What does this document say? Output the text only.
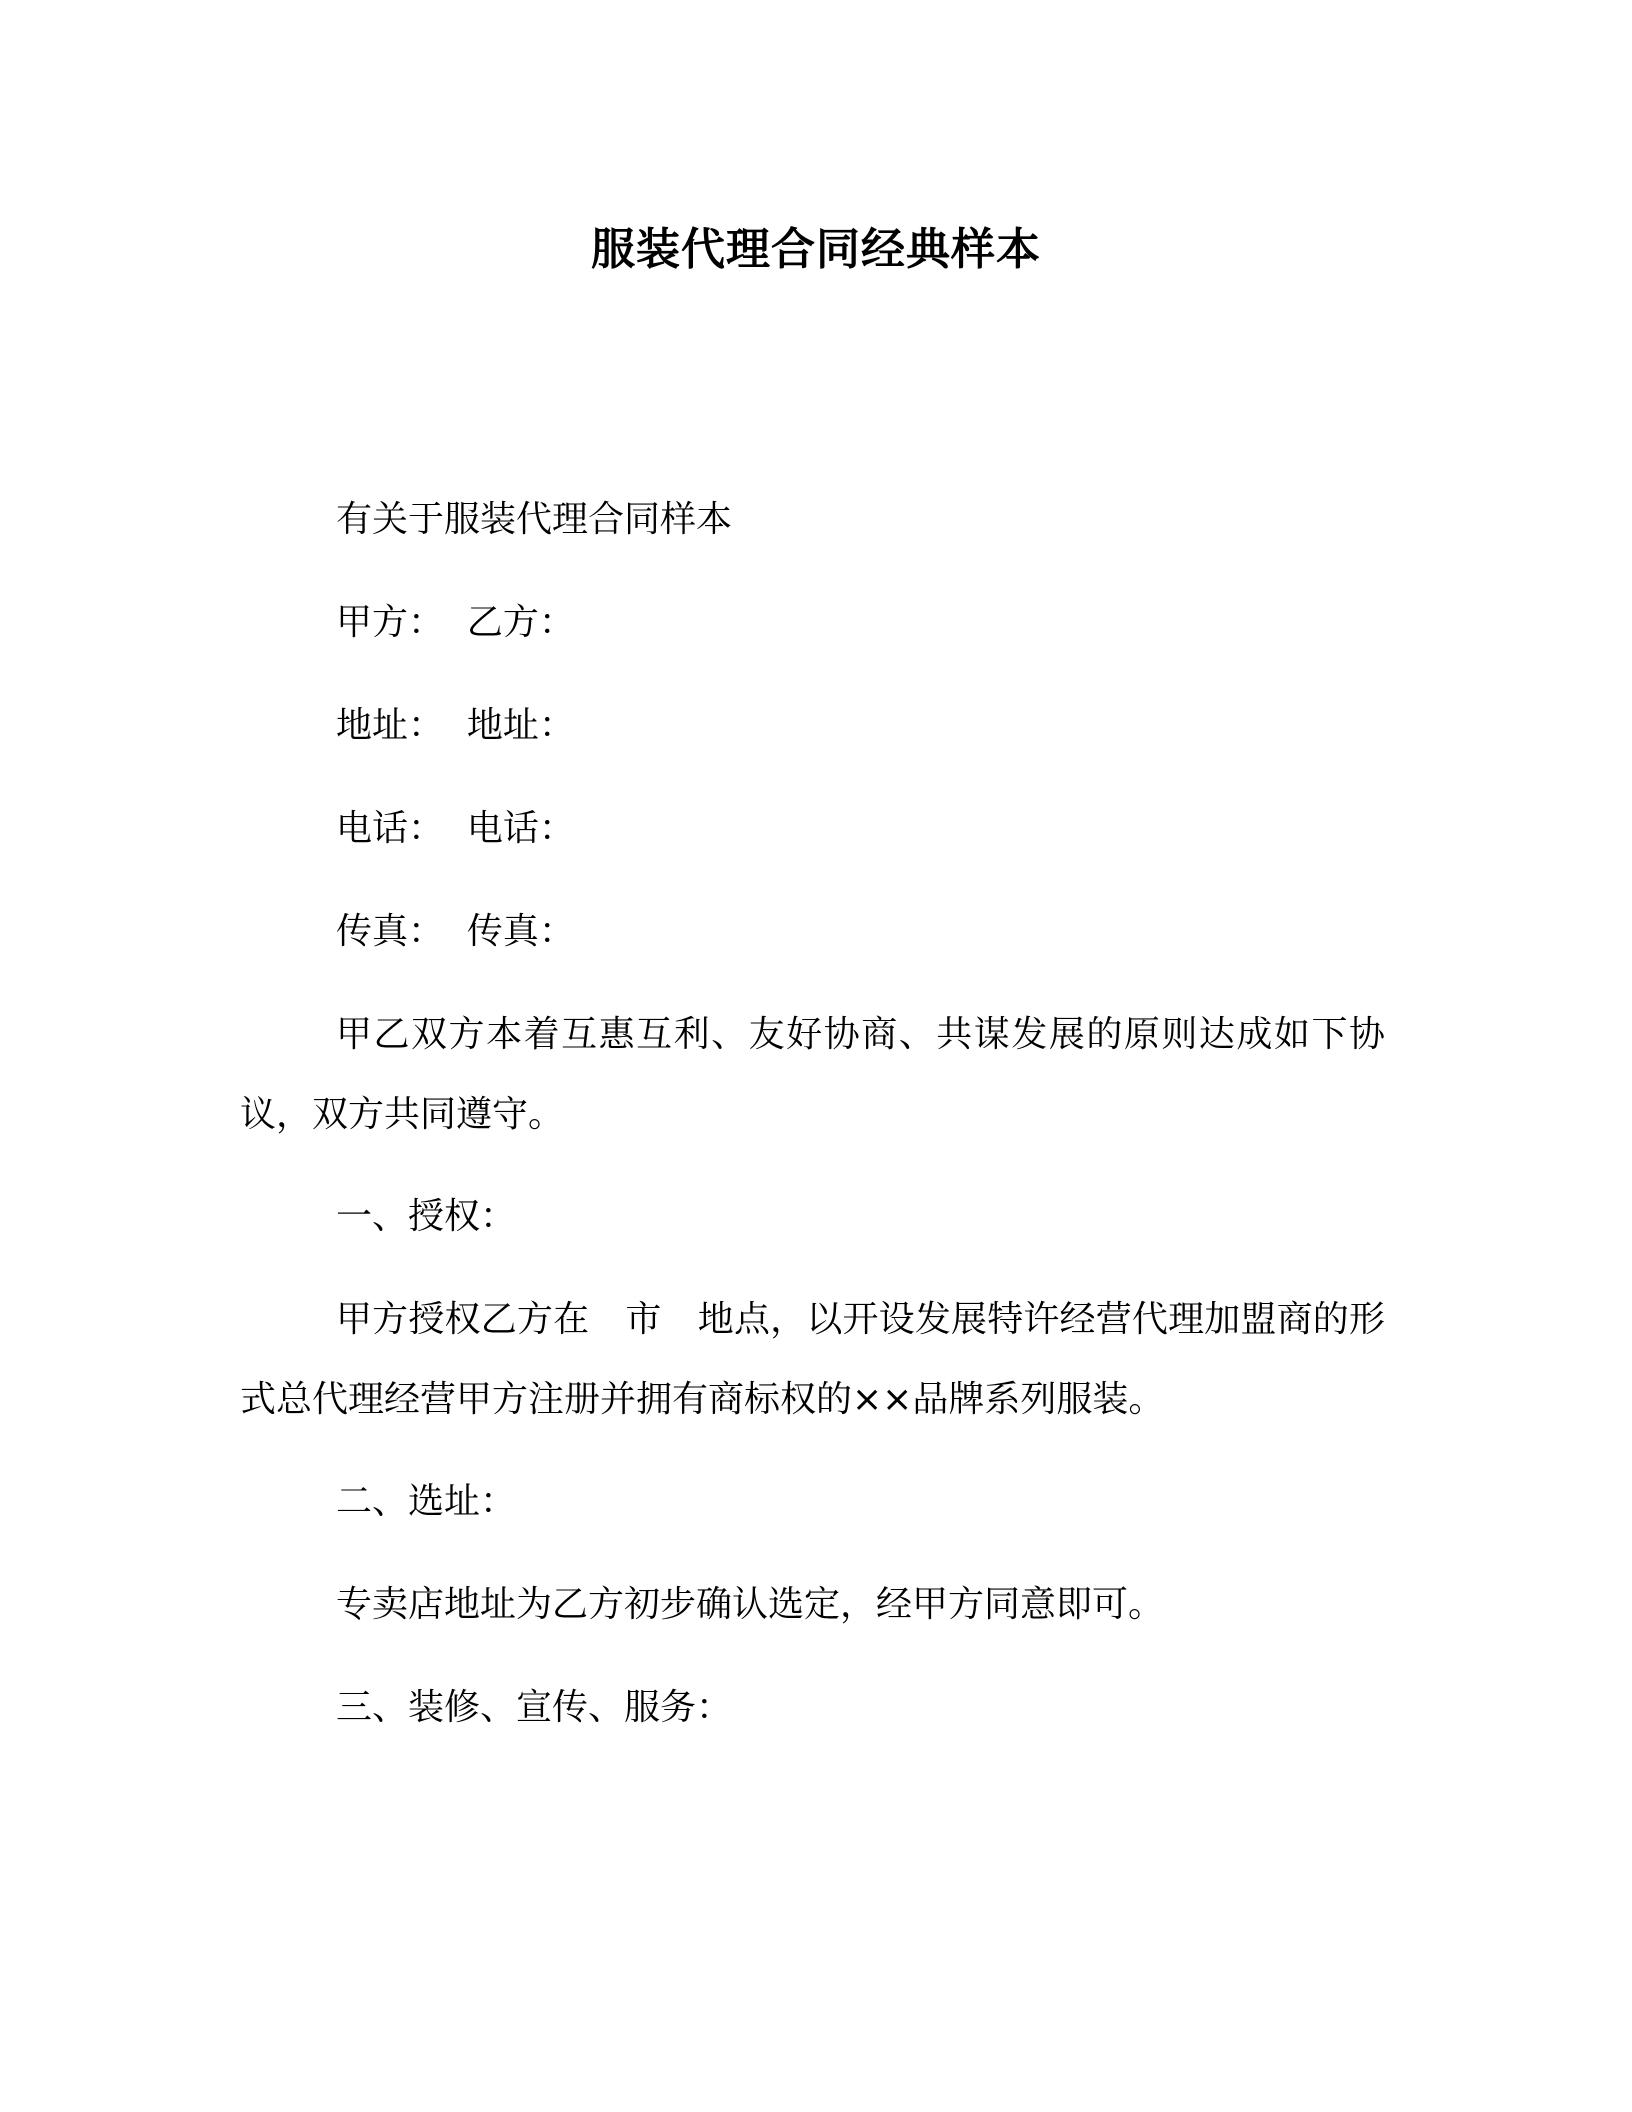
服装代理合同经典样本
有关于服装代理合同样本
甲方：  乙方：
地址：  地址：
电话：  电话：
传真：  传真：
甲乙双方本着互惠互利、友好协商、共谋发展的原则达成如下协议，双方共同遵守。
一、授权：
甲方授权乙方在　市　地点，以开设发展特许经营代理加盟商的形式总代理经营甲方注册并拥有商标权的××品牌系列服装。
二、选址：
专卖店地址为乙方初步确认选定，经甲方同意即可。
三、装修、宣传、服务：
